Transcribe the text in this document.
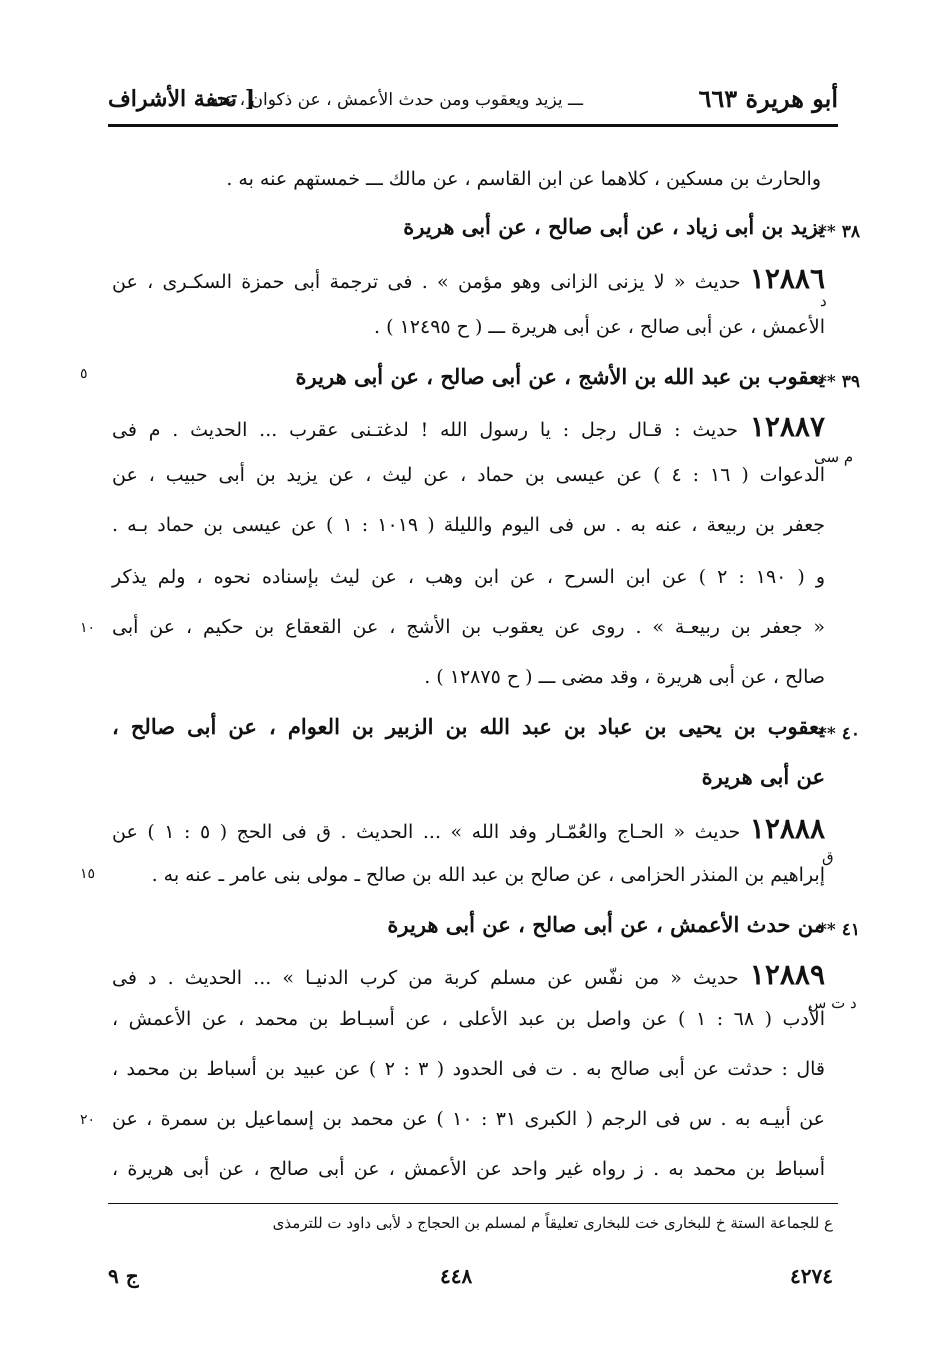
أبو هريرة ٦٦٣
ـــ يزيد ويعقوب ومن حدث الأعمش ، عن ذكوان ، عنه
[ تحفة الأشراف
والحارث بن مسكين ، كلاهما عن ابن القاسم ، عن مالك ـــ خمستهم عنه به .
٣٨ **
يزيد بن أبى زياد ، عن أبى صالح ، عن أبى هريرة
١٢٨٨٦ حديث « لا يزنى الزانى وهو مؤمن » . فى ترجمة أبى حمزة السكـرى ، عن
د
الأعمش ، عن أبى صالح ، عن أبى هريرة ـــ ( ح ١٢٤٩٥ ) .
٣٩ **
يعقوب بن عبد الله بن الأشج ، عن أبى صالح ، عن أبى هريرة
٥
١٢٨٨٧ حديث : قـال رجل : يا رسول الله ! لدغتـنى عقرب ... الحديث . م فى
م سى
الدعوات ( ١٦ : ٤ ) عن عيسى بن حماد ، عن ليث ، عن يزيد بن أبى حبيب ، عن
جعفر بن ربيعة ، عنه به . س فى اليوم والليلة ( ١٠١٩ : ١ ) عن عيسى بن حماد بـه .
و ( ١٩٠ : ٢ ) عن ابن السرح ، عن ابن وهب ، عن ليث بإسناده نحوه ، ولم يذكر
« جعفر بن ربيعـة » . روى عن يعقوب بن الأشج ، عن القعقاع بن حكيم ، عن أبى
١٠
صالح ، عن أبى هريرة ، وقد مضى ـــ ( ح ١٢٨٧٥ ) .
٤٠ **
يعقوب بن يحيى بن عباد بن عبد الله بن الزبير بن العوام ، عن أبى صالح ،
عن أبى هريرة
١٢٨٨٨ حديث « الحـاج والعُمّـار وفد الله » ... الحديث . ق فى الحج ( ٥ : ١ ) عن
ق
إبراهيم بن المنذر الحزامى ، عن صالح بن عبد الله بن صالح ـ مولى بنى عامر ـ عنه به .
١٥
٤١ **
من حدث الأعمش ، عن أبى صالح ، عن أبى هريرة
١٢٨٨٩ حديث « من نفّس عن مسلم كربة من كرب الدنيـا » ... الحديث . د فى
د ت س
الأدب ( ٦٨ : ١ ) عن واصل بن عبد الأعلى ، عن أسبـاط بن محمد ، عن الأعمش ،
قال : حدثت عن أبى صالح به . ت فى الحدود ( ٣ : ٢ ) عن عبيد بن أسباط بن محمد ،
عن أبيـه به . س فى الرجم ( الكبرى ٣١ : ١٠ ) عن محمد بن إسماعيل بن سمرة ، عن
٢٠
أسباط بن محمد به . ز رواه غير واحد عن الأعمش ، عن أبى صالح ، عن أبى هريرة ،
ع للجماعة الستة خ للبخارى خت للبخارى تعليقاً م لمسلم بن الحجاج د لأبى داود ت للترمذى
ج ٩	٤٤٨	٤٢٧٤
